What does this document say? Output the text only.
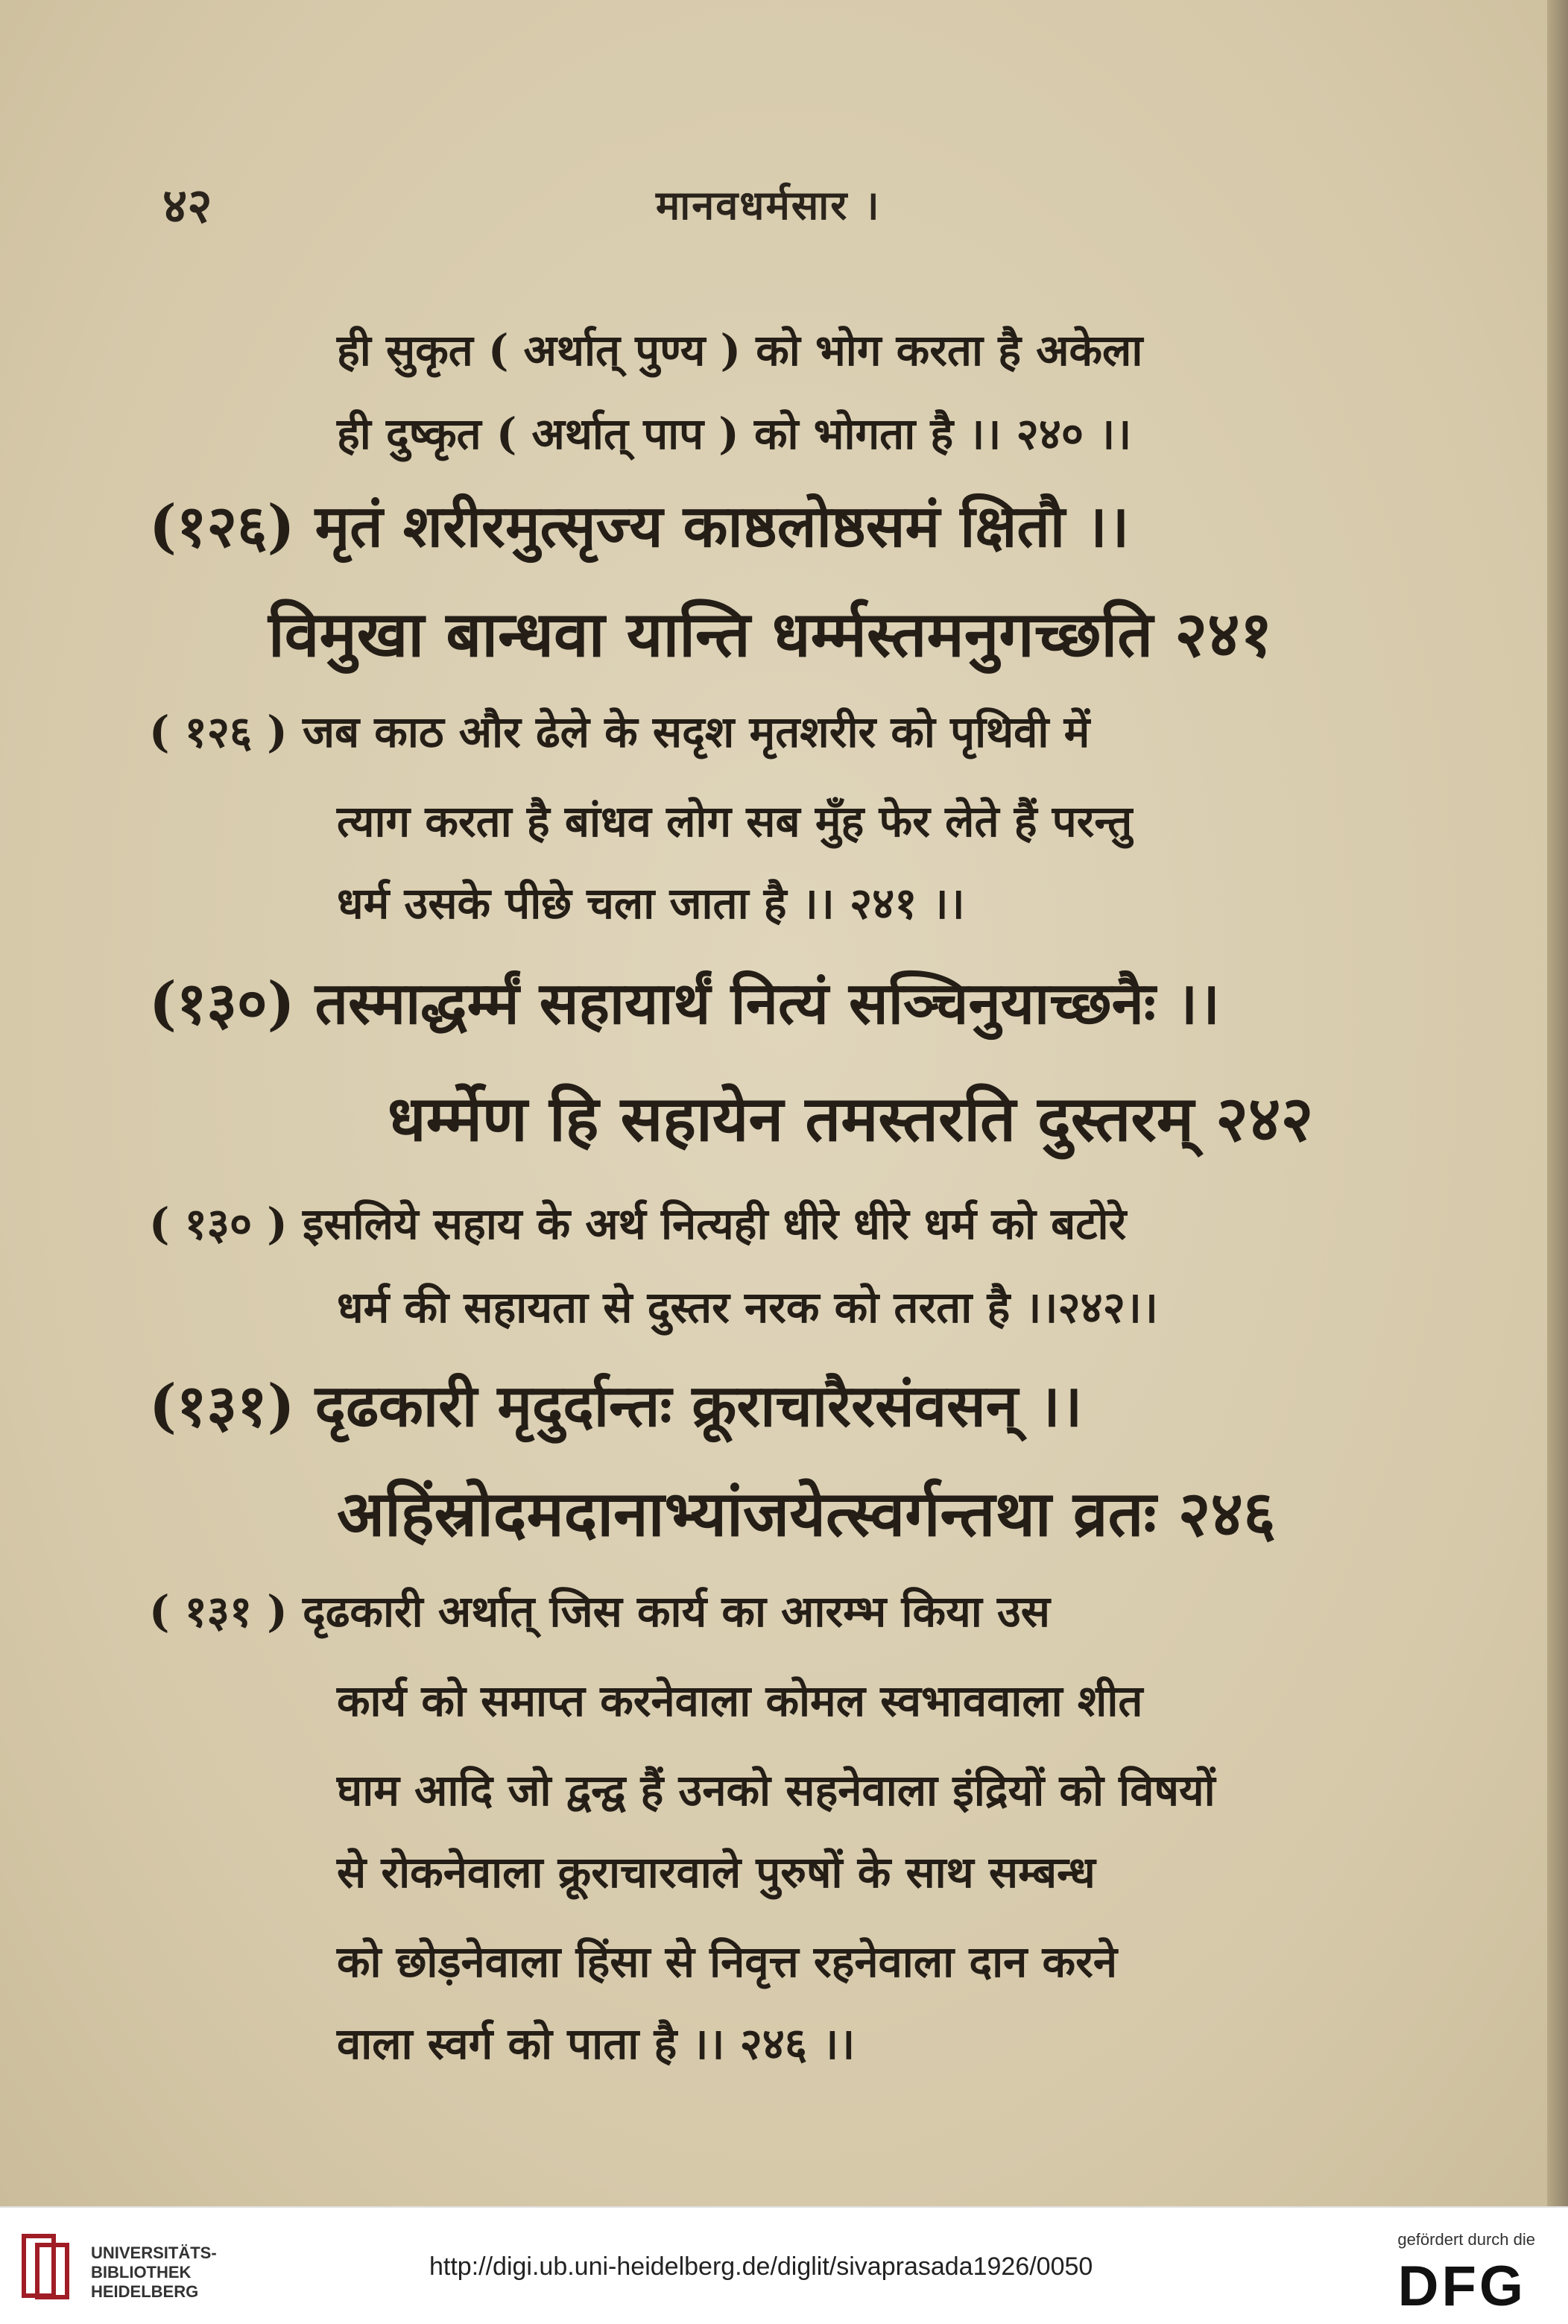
४२	मानवधर्मसार ।
ही सुकृत ( अर्थात् पुण्य ) को भोग करता है अकेला
ही दुष्कृत ( अर्थात् पाप ) को भोगता है ।। २४० ।।
(१२६) मृतं शरीरमुत्सृज्य काष्ठलोष्ठसमं क्षितौ ।।
विमुखा बान्धवा यान्ति धर्म्मस्तमनुगच्छति २४१
( १२६ ) जब काठ और ढेले के सदृश मृतशरीर को पृथिवी में
त्याग करता है बांधव लोग सब मुँह फेर लेते हैं परन्तु
धर्म उसके पीछे चला जाता है ।। २४१ ।।
(१३०) तस्माद्धर्म्मं सहायार्थं नित्यं सञ्चिनुयाच्छनैः ।।
धर्म्मेण हि सहायेन तमस्तरति दुस्तरम् २४२
( १३० ) इसलिये सहाय के अर्थ नित्यही धीरे धीरे धर्म को बटोरे
धर्म की सहायता से दुस्तर नरक को तरता है ।।२४२।।
(१३१) दृढकारी मृदुर्दान्तः क्रूराचारैरसंवसन् ।।
अहिंस्रोदमदानाभ्यांजयेत्स्वर्गन्तथा व्रतः २४६
( १३१ ) दृढकारी अर्थात् जिस कार्य का आरम्भ किया उस
कार्य को समाप्त करनेवाला कोमल स्वभाववाला शीत
घाम आदि जो द्वन्द्व हैं उनको सहनेवाला इंद्रियों को विषयों
से रोकनेवाला क्रूराचारवाले पुरुषों के साथ सम्बन्ध
को छोड़नेवाला हिंसा से निवृत्त रहनेवाला दान करने
वाला स्वर्ग को पाता है ।। २४६ ।।
UNIVERSITÄTS-
BIBLIOTHEK
HEIDELBERG
http://digi.ub.uni-heidelberg.de/diglit/sivaprasada1926/0050
gefördert durch die
DFG
